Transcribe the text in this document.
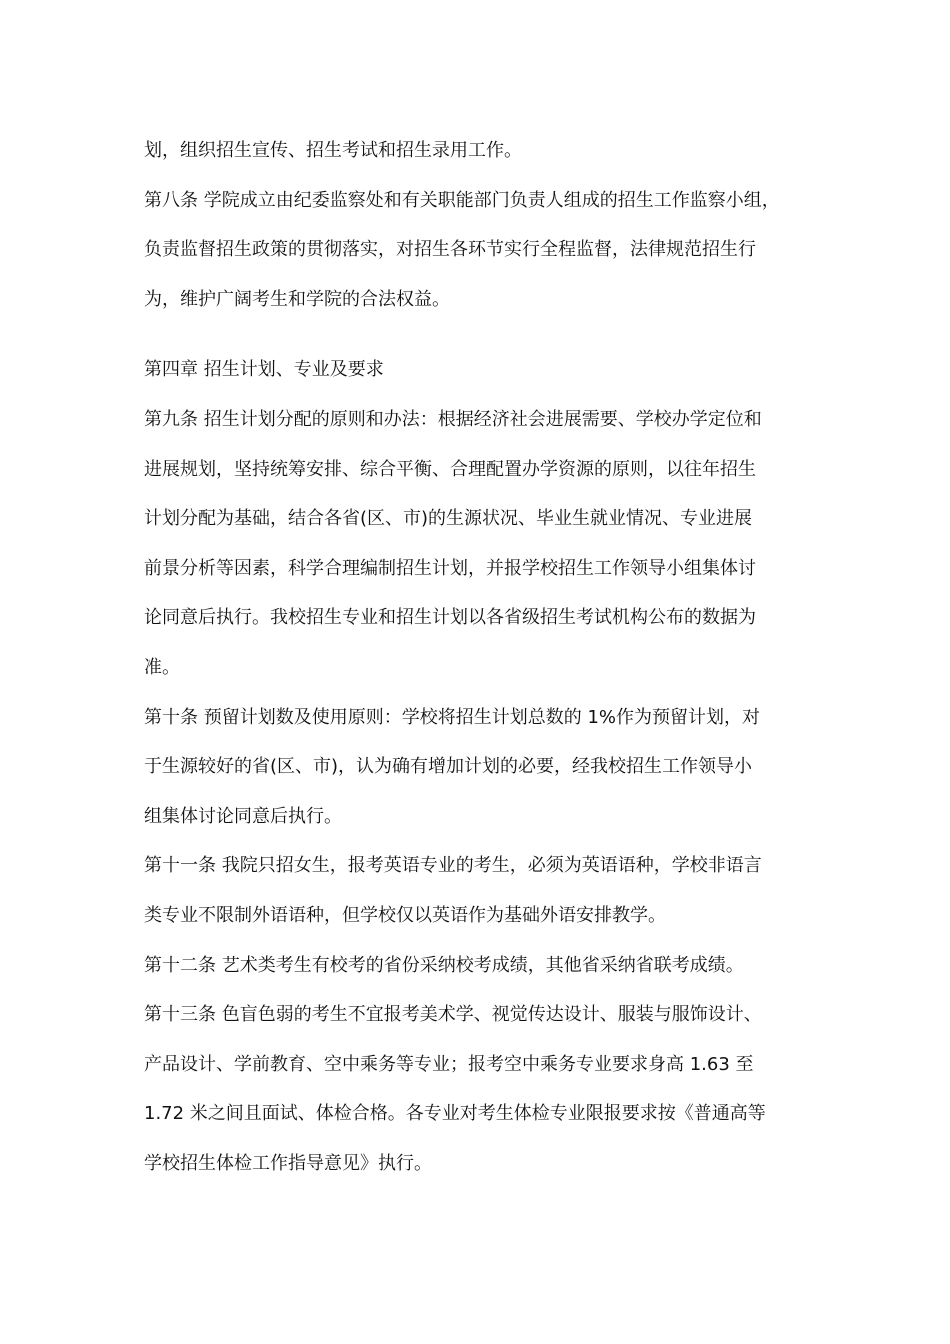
划，组织招生宣传、招生考试和招生录用工作。
第八条 学院成立由纪委监察处和有关职能部门负责人组成的招生工作监察小组，
负责监督招生政策的贯彻落实，对招生各环节实行全程监督，法律规范招生行
为，维护广阔考生和学院的合法权益。
第四章 招生计划、专业及要求
第九条 招生计划分配的原则和办法：根据经济社会进展需要、学校办学定位和
进展规划，坚持统筹安排、综合平衡、合理配置办学资源的原则，以往年招生
计划分配为基础，结合各省(区、市)的生源状况、毕业生就业情况、专业进展
前景分析等因素，科学合理编制招生计划，并报学校招生工作领导小组集体讨
论同意后执行。我校招生专业和招生计划以各省级招生考试机构公布的数据为
准。
第十条 预留计划数及使用原则：学校将招生计划总数的 1%作为预留计划，对
于生源较好的省(区、市)，认为确有增加计划的必要，经我校招生工作领导小
组集体讨论同意后执行。
第十一条 我院只招女生，报考英语专业的考生，必须为英语语种，学校非语言
类专业不限制外语语种，但学校仅以英语作为基础外语安排教学。
第十二条 艺术类考生有校考的省份采纳校考成绩，其他省采纳省联考成绩。
第十三条 色盲色弱的考生不宜报考美术学、视觉传达设计、服装与服饰设计、
产品设计、学前教育、空中乘务等专业；报考空中乘务专业要求身高 1.63 至
1.72 米之间且面试、体检合格。各专业对考生体检专业限报要求按《普通高等
学校招生体检工作指导意见》执行。
